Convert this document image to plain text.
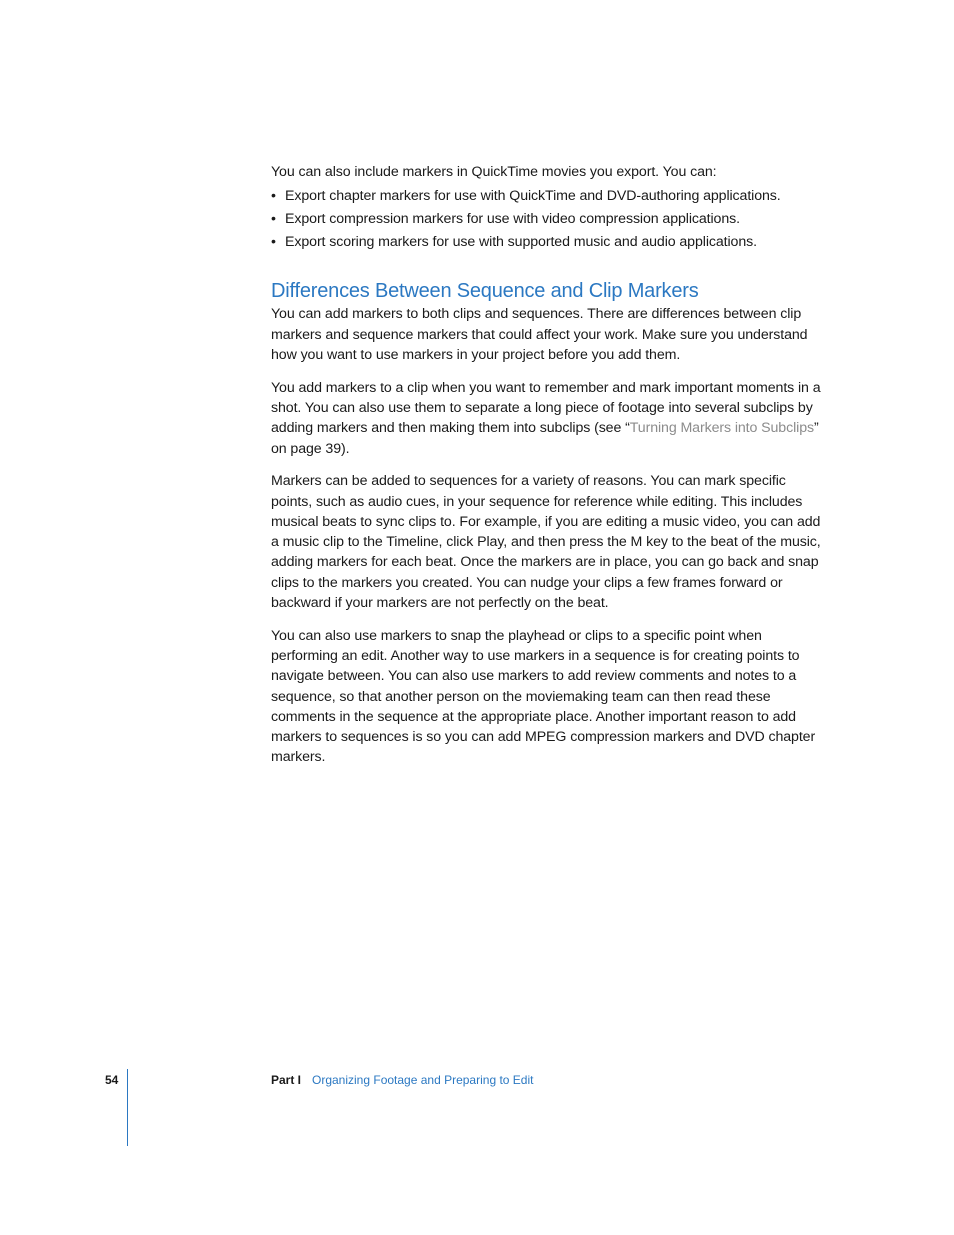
You can also include markers in QuickTime movies you export. You can:

• Export chapter markers for use with QuickTime and DVD-authoring applications.
• Export compression markers for use with video compression applications.
• Export scoring markers for use with supported music and audio applications.
Differences Between Sequence and Clip Markers

You can add markers to both clips and sequences. There are differences between clip markers and sequence markers that could affect your work. Make sure you understand how you want to use markers in your project before you add them.

You add markers to a clip when you want to remember and mark important moments in a shot. You can also use them to separate a long piece of footage into several subclips by adding markers and then making them into subclips (see “Turning Markers into Subclips” on page 39).

Markers can be added to sequences for a variety of reasons. You can mark specific points, such as audio cues, in your sequence for reference while editing. This includes musical beats to sync clips to. For example, if you are editing a music video, you can add a music clip to the Timeline, click Play, and then press the M key to the beat of the music, adding markers for each beat. Once the markers are in place, you can go back and snap clips to the markers you created. You can nudge your clips a few frames forward or backward if your markers are not perfectly on the beat.

You can also use markers to snap the playhead or clips to a specific point when performing an edit. Another way to use markers in a sequence is for creating points to navigate between. You can also use markers to add review comments and notes to a sequence, so that another person on the moviemaking team can then read these comments in the sequence at the appropriate place. Another important reason to add markers to sequences is so you can add MPEG compression markers and DVD chapter markers.

54	Part I Organizing Footage and Preparing to Edit
